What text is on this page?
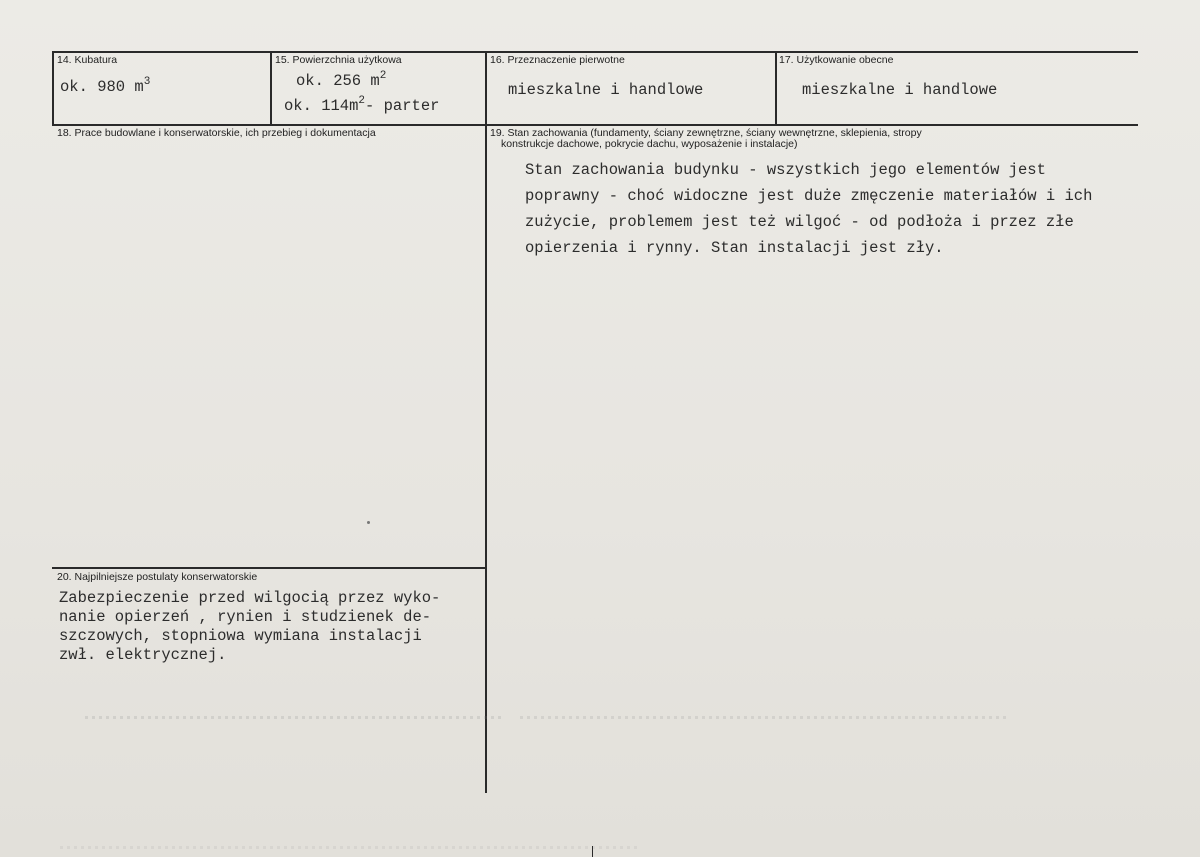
14. Kubatura
ok. 980 $m^3$
15. Powierzchnia użytkowa
ok. 256 $m^2$
ok. $114m^2-$ parter
16. Przeznaczenie pierwotne
mieszkalne i handlowe
17. Użytkowanie obecne
mieszkalne i handlowe
18. Prace budowlane i konserwatorskie, ich przebieg i dokumentacja	19. Stan zachowania (fundamenty, ściany zewnętrzne, ściany wewnętrzne, sklepienia, stropy
konstrukcje dachowe, pokrycie dachu, wyposażenie i instalacje)
Stan zachowania budynku - wszystkich jego elementów jest
poprawny - choć widoczne jest duże zmęczenie materiałów i ich
zużycie, problemem jest też wilgoć - od podłoża i przez złe
opierzenia i rynny. Stan instalacji jest zły.
20. Najpilniejsze postulaty konserwatorskie
Zabezpieczenie przed wilgocią przez wyko-
nanie opierzeń , rynien i studzienek de-
szczowych, stopniowa wymiana instalacji
zwł. elektrycznej.
